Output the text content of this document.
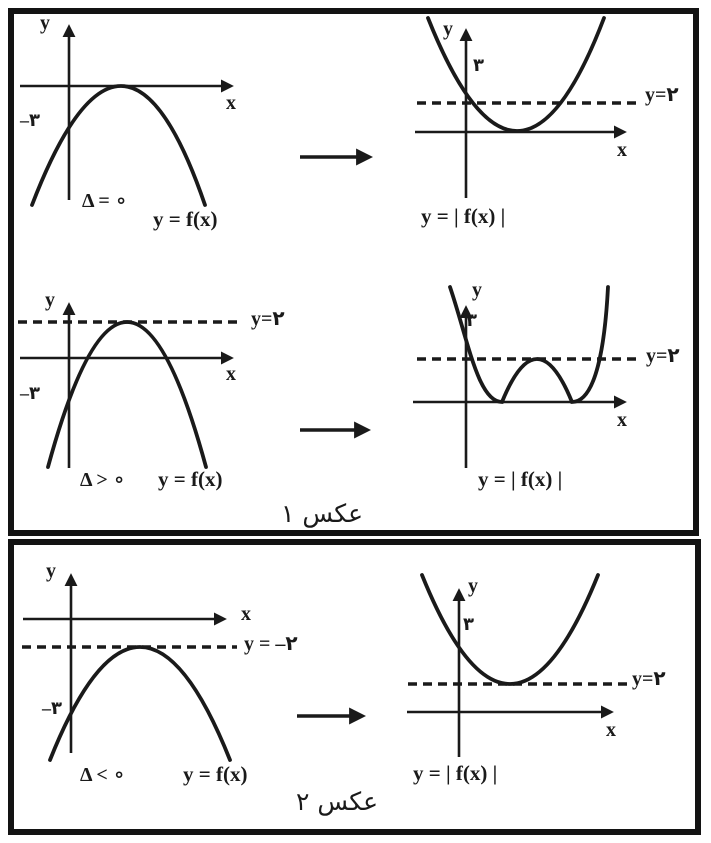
y
x
–۳
Δ = ∘
y = f(x)
y
x
۳
y=۲
y = | f(x) |
y
x
y=۲
–۳
Δ > ∘ y = f(x)
y
x
۳
y=۲
y = | f(x) |
عکس ۱
y
x
y = –۲
–۳
Δ < ∘	y = f(x)
y
x
۳
y=۲
y = | f(x) |
عکس ۲
